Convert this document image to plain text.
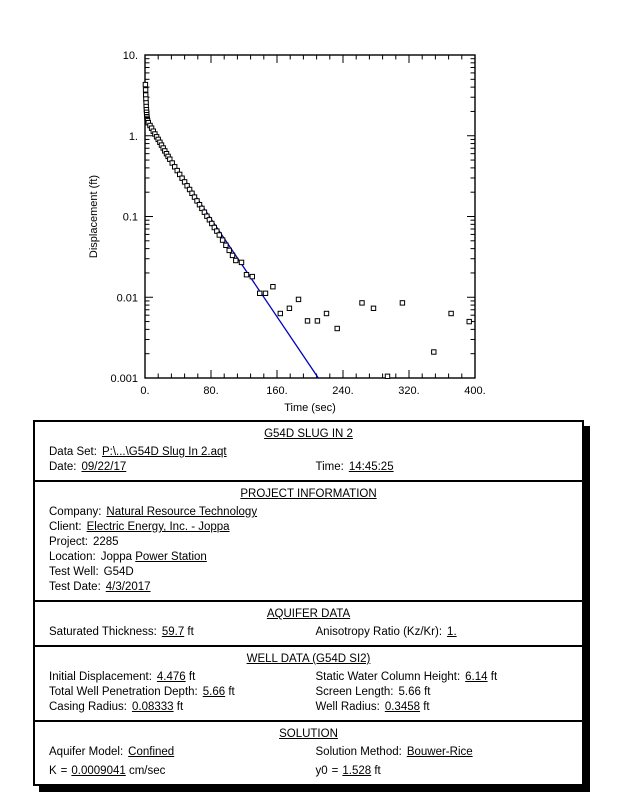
0.	80.	160.	240.	320.	400.
10.
1.
0.1
0.01
0.001
Time (sec)
Displacement (ft)
G54D SLUG IN 2
Data Set: P:\...\G54D Slug In 2.aqt
Date: 09/22/17	Time: 14:45:25
PROJECT INFORMATION
Company: Natural Resource Technology
Client: Electric Energy, Inc. - Joppa
Project: 2285
Location: Joppa Power Station
Test Well: G54D
Test Date: 4/3/2017
AQUIFER DATA
Saturated Thickness: 59.7 ft	Anisotropy Ratio (Kz/Kr): 1.
WELL DATA (G54D SI2)
Initial Displacement: 4.476 ft	Static Water Column Height: 6.14 ft
Total Well Penetration Depth: 5.66 ft	Screen Length: 5.66 ft
Casing Radius: 0.08333 ft	Well Radius: 0.3458 ft
SOLUTION
Aquifer Model: Confined	Solution Method: Bouwer-Rice
K = 0.0009041 cm/sec	y0 = 1.528 ft
